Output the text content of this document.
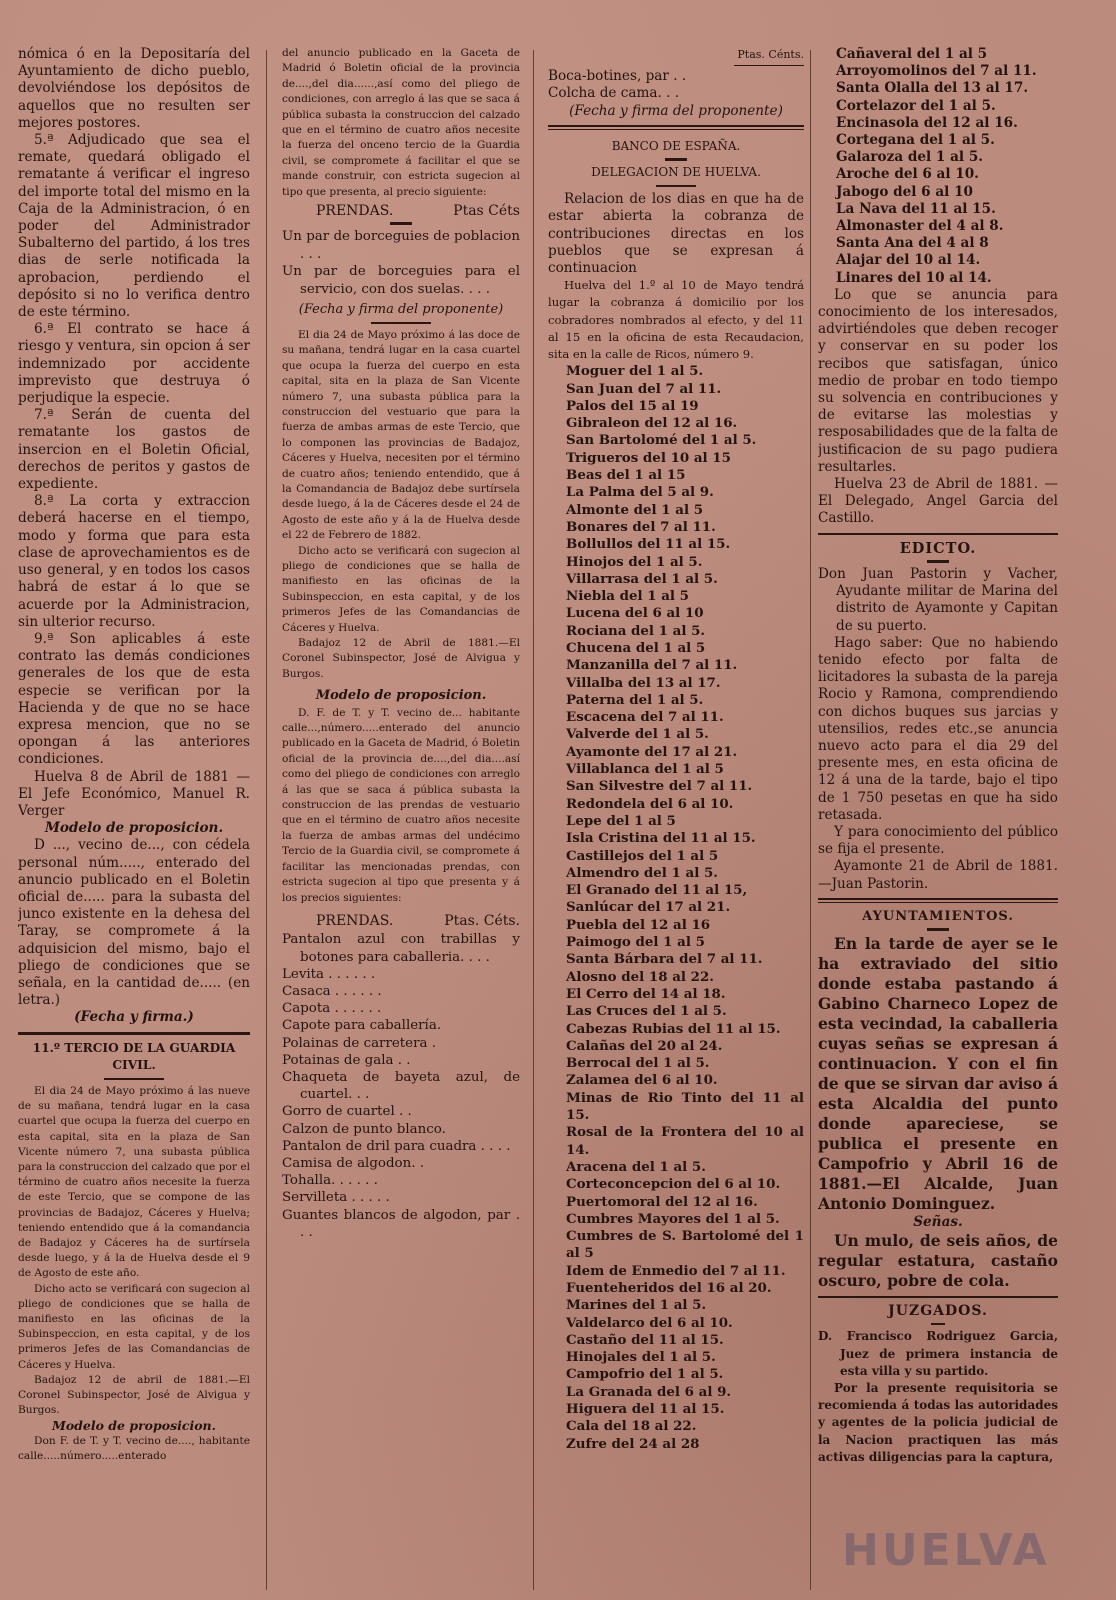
nómica ó en la Depositaría del Ayuntamiento de dicho pueblo, devolviéndose los depósitos de aquellos que no resulten ser mejores postores.

5.ª Adjudicado que sea el remate, quedará obligado el rematante á verificar el ingreso del importe total del mismo en la Caja de la Administracion, ó en poder del Administrador Subalterno del partido, á los tres dias de serle notificada la aprobacion, perdiendo el depósito si no lo verifica dentro de este término.

6.ª El contrato se hace á riesgo y ventura, sin opcion á ser indemnizado por accidente imprevisto que destruya ó perjudique la especie.

7.ª Serán de cuenta del rematante los gastos de insercion en el Boletin Oficial, derechos de peritos y gastos de expediente.

8.ª La corta y extraccion deberá hacerse en el tiempo, modo y forma que para esta clase de aprovechamientos es de uso general, y en todos los casos habrá de estar á lo que se acuerde por la Administracion, sin ulterior recurso.

9.ª Son aplicables á este contrato las demás condiciones generales de los que de esta especie se verifican por la Hacienda y de que no se hace expresa mencion, que no se opongan á las anteriores condiciones.

Huelva 8 de Abril de 1881 — El Jefe Económico, Manuel R. Verger

Modelo de proposicion.

D ..., vecino de..., con cédela personal núm....., enterado del anuncio publicado en el Boletin oficial de..... para la subasta del junco existente en la dehesa del Taray, se compromete á la adquisicion del mismo, bajo el pliego de condiciones que se señala, en la cantidad de..... (en letra.)

(Fecha y firma.)

11.º TERCIO DE LA GUARDIA CIVIL.

El dia 24 de Mayo próximo á las nueve de su mañana, tendrá lugar en la casa cuartel que ocupa la fuerza del cuerpo en esta capital, sita en la plaza de San Vicente número 7, una subasta pública para la construccion del calzado que por el término de cuatro años necesite la fuerza de este Tercio, que se compone de las provincias de Badajoz, Cáceres y Huelva; teniendo entendido que á la comandancia de Badajoz y Cáceres ha de surtírsela desde luego, y á la de Huelva desde el 9 de Agosto de este año.

Dicho acto se verificará con sugecion al pliego de condiciones que se halla de manifiesto en las oficinas de la Subinspeccion, en esta capital, y de los primeros Jefes de las Comandancias de Cáceres y Huelva.

Badajoz 12 de abril de 1881.—El Coronel Subinspector, José de Alvigua y Burgos.

Modelo de proposicion.

Don F. de T. y T. vecino de...., habitante calle.....número.....enterado

del anuncio publicado en la Gaceta de Madrid ó Boletin oficial de la provincia de....,del dia......,así como del pliego de condiciones, con arreglo á las que se saca á pública subasta la construccion del calzado que en el término de cuatro años necesite la fuerza del onceno tercio de la Guardia civil, se compromete á facilitar el que se mande construir, con estricta sugecion al tipo que presenta, al precio siguiente:

PRENDAS.	Ptas Céts

Un par de borceguies de poblacion . . .

Un par de borceguies para el servicio, con dos suelas. . . .

(Fecha y firma del proponente)

El dia 24 de Mayo próximo á las doce de su mañana, tendrá lugar en la casa cuartel que ocupa la fuerza del cuerpo en esta capital, sita en la plaza de San Vicente número 7, una subasta pública para la construccion del vestuario que para la fuerza de ambas armas de este Tercio, que lo componen las provincias de Badajoz, Cáceres y Huelva, necesiten por el término de cuatro años; teniendo entendido, que á la Comandancia de Badajoz debe surtírsela desde luego, á la de Cáceres desde el 24 de Agosto de este año y á la de Huelva desde el 22 de Febrero de 1882.

Dicho acto se verificará con sugecion al pliego de condiciones que se halla de manifiesto en las oficinas de la Subinspeccion, en esta capital, y de los primeros Jefes de las Comandancias de Cáceres y Huelva.

Badajoz 12 de Abril de 1881.—El Coronel Subinspector, José de Alvigua y Burgos.

Modelo de proposicion.

D. F. de T. y T. vecino de... habitante calle...,número.....enterado del anuncio publicado en la Gaceta de Madrid, ó Boletin oficial de la provincia de....,del dia....así como del pliego de condiciones con arreglo á las que se saca á pública subasta la construccion de las prendas de vestuario que en el término de cuatro años necesite la fuerza de ambas armas del undécimo Tercio de la Guardia civil, se compromete á facilitar las mencionadas prendas, con estricta sugecion al tipo que presenta y á los precios siguientes:

PRENDAS.	Ptas. Céts.

Pantalon azul con trabillas y botones para caballeria. . . .

Levita . . . . . .

Casaca . . . . . .

Capota . . . . . .

Capote para caballería.

Polainas de carretera .

Potainas de gala . .

Chaqueta de bayeta azul, de cuartel. . .

Gorro de cuartel . .

Calzon de punto blanco.

Pantalon de dril para cuadra . . . .

Camisa de algodon. .

Tohalla. . . . . .

Servilleta . . . . .

Guantes blancos de algodon, par . . .

Ptas. Cénts.

Boca-botines, par . .

Colcha de cama. . .

(Fecha y firma del proponente)

BANCO DE ESPAÑA.

DELEGACION DE HUELVA.

Relacion de los dias en que ha de estar abierta la cobranza de contribuciones directas en los pueblos que se expresan á continuacion

Huelva del 1.º al 10 de Mayo tendrá lugar la cobranza á domicilio por los cobradores nombrados al efecto, y del 11 al 15 en la oficina de esta Recaudacion, sita en la calle de Ricos, número 9.

Moguer del 1 al 5.

San Juan del 7 al 11.

Palos del 15 al 19

Gibraleon del 12 al 16.

San Bartolomé del 1 al 5.

Trigueros del 10 al 15

Beas del 1 al 15

La Palma del 5 al 9.

Almonte del 1 al 5

Bonares del 7 al 11.

Bollullos del 11 al 15.

Hinojos del 1 al 5.

Villarrasa del 1 al 5.

Niebla del 1 al 5

Lucena del 6 al 10

Rociana del 1 al 5.

Chucena del 1 al 5

Manzanilla del 7 al 11.

Villalba del 13 al 17.

Paterna del 1 al 5.

Escacena del 7 al 11.

Valverde del 1 al 5.

Ayamonte del 17 al 21.

Villablanca del 1 al 5

San Silvestre del 7 al 11.

Redondela del 6 al 10.

Lepe del 1 al 5

Isla Cristina del 11 al 15.

Castillejos del 1 al 5

Almendro del 1 al 5.

El Granado del 11 al 15,

Sanlúcar del 17 al 21.

Puebla del 12 al 16

Paimogo del 1 al 5

Santa Bárbara del 7 al 11.

Alosno del 18 al 22.

El Cerro del 14 al 18.

Las Cruces del 1 al 5.

Cabezas Rubias del 11 al 15.

Calañas del 20 al 24.

Berrocal del 1 al 5.

Zalamea del 6 al 10.

Minas de Rio Tinto del 11 al 15.

Rosal de la Frontera del 10 al 14.

Aracena del 1 al 5.

Corteconcepcion del 6 al 10.

Puertomoral del 12 al 16.

Cumbres Mayores del 1 al 5.

Cumbres de S. Bartolomé del 1 al 5

Idem de Enmedio del 7 al 11.

Fuenteheridos del 16 al 20.

Marines del 1 al 5.

Valdelarco del 6 al 10.

Castaño del 11 al 15.

Hinojales del 1 al 5.

Campofrio del 1 al 5.

La Granada del 6 al 9.

Higuera del 11 al 15.

Cala del 18 al 22.

Zufre del 24 al 28

Cañaveral del 1 al 5

Arroyomolinos del 7 al 11.

Santa Olalla del 13 al 17.

Cortelazor del 1 al 5.

Encinasola del 12 al 16.

Cortegana del 1 al 5.

Galaroza del 1 al 5.

Aroche del 6 al 10.

Jabogo del 6 al 10

La Nava del 11 al 15.

Almonaster del 4 al 8.

Santa Ana del 4 al 8

Alajar del 10 al 14.

Linares del 10 al 14.

Lo que se anuncia para conocimiento de los interesados, advirtiéndoles que deben recoger y conservar en su poder los recibos que satisfagan, único medio de probar en todo tiempo su solvencia en contribuciones y de evitarse las molestias y resposabilidades que de la falta de justificacion de su pago pudiera resultarles.

Huelva 23 de Abril de 1881. —El Delegado, Angel Garcia del Castillo.

EDICTO.

Don Juan Pastorin y Vacher, Ayudante militar de Marina del distrito de Ayamonte y Capitan de su puerto.

Hago saber: Que no habiendo tenido efecto por falta de licitadores la subasta de la pareja Rocio y Ramona, comprendiendo con dichos buques sus jarcias y utensilios, redes etc.,se anuncia nuevo acto para el dia 29 del presente mes, en esta oficina de 12 á una de la tarde, bajo el tipo de 1 750 pesetas en que ha sido retasada.

Y para conocimiento del público se fija el presente.

Ayamonte 21 de Abril de 1881. —Juan Pastorin.

AYUNTAMIENTOS.

En la tarde de ayer se le ha extraviado del sitio donde estaba pastando á Gabino Charneco Lopez de esta vecindad, la caballeria cuyas señas se expresan á continuacion. Y con el fin de que se sirvan dar aviso á esta Alcaldia del punto donde apareciese, se publica el presente en Campofrio y Abril 16 de 1881.—El Alcalde, Juan Antonio Dominguez.

Señas.

Un mulo, de seis años, de regular estatura, castaño oscuro, pobre de cola.

JUZGADOS.

D. Francisco Rodriguez Garcia, Juez de primera instancia de esta villa y su partido.

Por la presente requisitoria se recomienda á todas las autoridades y agentes de la policia judicial de la Nacion practiquen las más activas diligencias para la captura,

HUELVA
